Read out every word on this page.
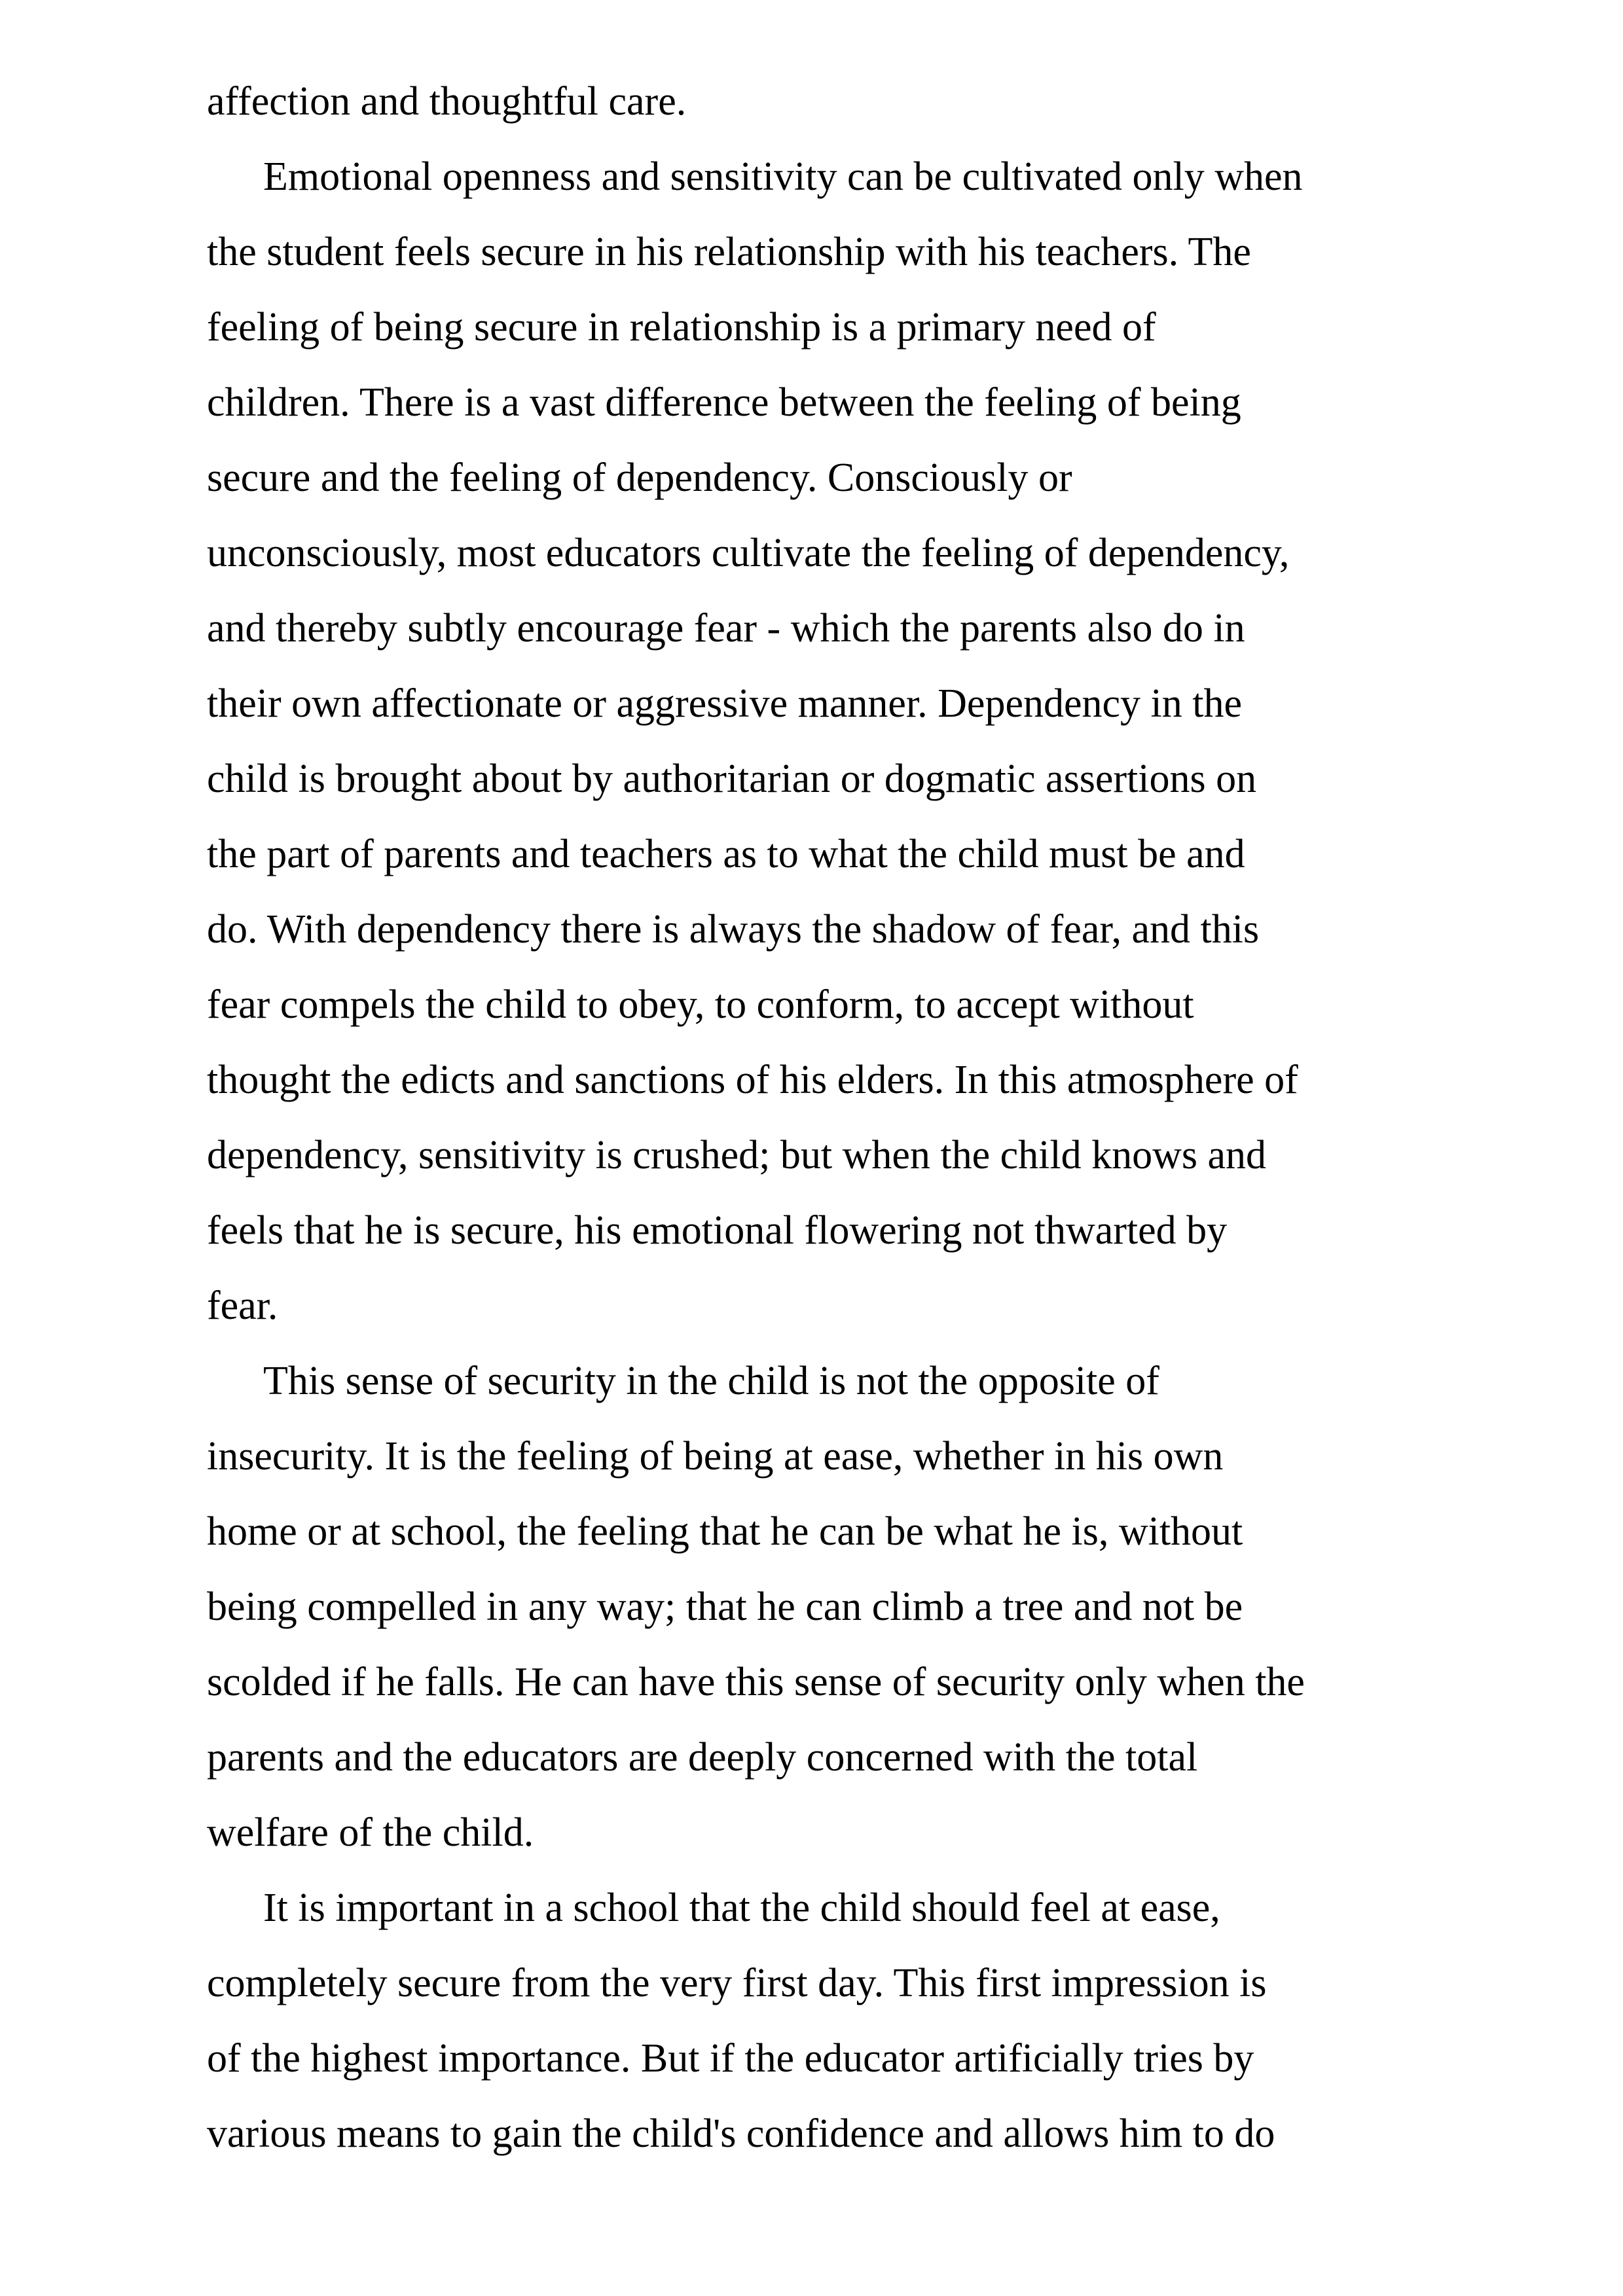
affection and thoughtful care.
Emotional openness and sensitivity can be cultivated only when
the student feels secure in his relationship with his teachers. The
feeling of being secure in relationship is a primary need of
children. There is a vast difference between the feeling of being
secure and the feeling of dependency. Consciously or
unconsciously, most educators cultivate the feeling of dependency,
and thereby subtly encourage fear - which the parents also do in
their own affectionate or aggressive manner. Dependency in the
child is brought about by authoritarian or dogmatic assertions on
the part of parents and teachers as to what the child must be and
do. With dependency there is always the shadow of fear, and this
fear compels the child to obey, to conform, to accept without
thought the edicts and sanctions of his elders. In this atmosphere of
dependency, sensitivity is crushed; but when the child knows and
feels that he is secure, his emotional flowering not thwarted by
fear.
This sense of security in the child is not the opposite of
insecurity. It is the feeling of being at ease, whether in his own
home or at school, the feeling that he can be what he is, without
being compelled in any way; that he can climb a tree and not be
scolded if he falls. He can have this sense of security only when the
parents and the educators are deeply concerned with the total
welfare of the child.
It is important in a school that the child should feel at ease,
completely secure from the very first day. This first impression is
of the highest importance. But if the educator artificially tries by
various means to gain the child's confidence and allows him to do
